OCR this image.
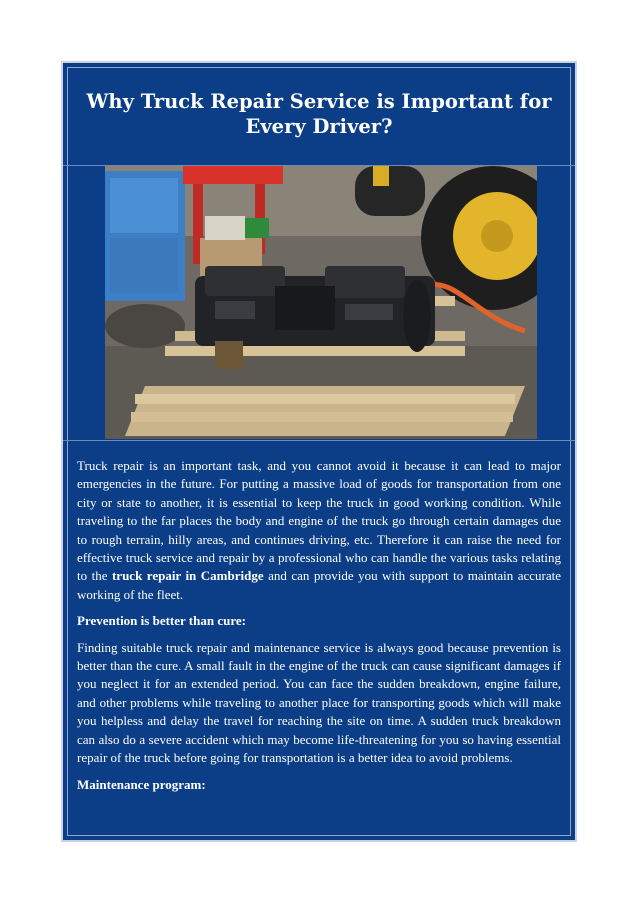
Why Truck Repair Service is Important for Every Driver?

Truck repair is an important task, and you cannot avoid it because it can lead to major emergencies in the future. For putting a massive load of goods for transportation from one city or state to another, it is essential to keep the truck in good working condition. While traveling to the far places the body and engine of the truck go through certain damages due to rough terrain, hilly areas, and continues driving, etc. Therefore it can raise the need for effective truck service and repair by a professional who can handle the various tasks relating to the truck repair in Cambridge and can provide you with support to maintain accurate working of the fleet.

Prevention is better than cure:

Finding suitable truck repair and maintenance service is always good because prevention is better than the cure. A small fault in the engine of the truck can cause significant damages if you neglect it for an extended period. You can face the sudden breakdown, engine failure, and other problems while traveling to another place for transporting goods which will make you helpless and delay the travel for reaching the site on time. A sudden truck breakdown can also do a severe accident which may become life-threatening for you so having essential repair of the truck before going for transportation is a better idea to avoid problems.

Maintenance program:
